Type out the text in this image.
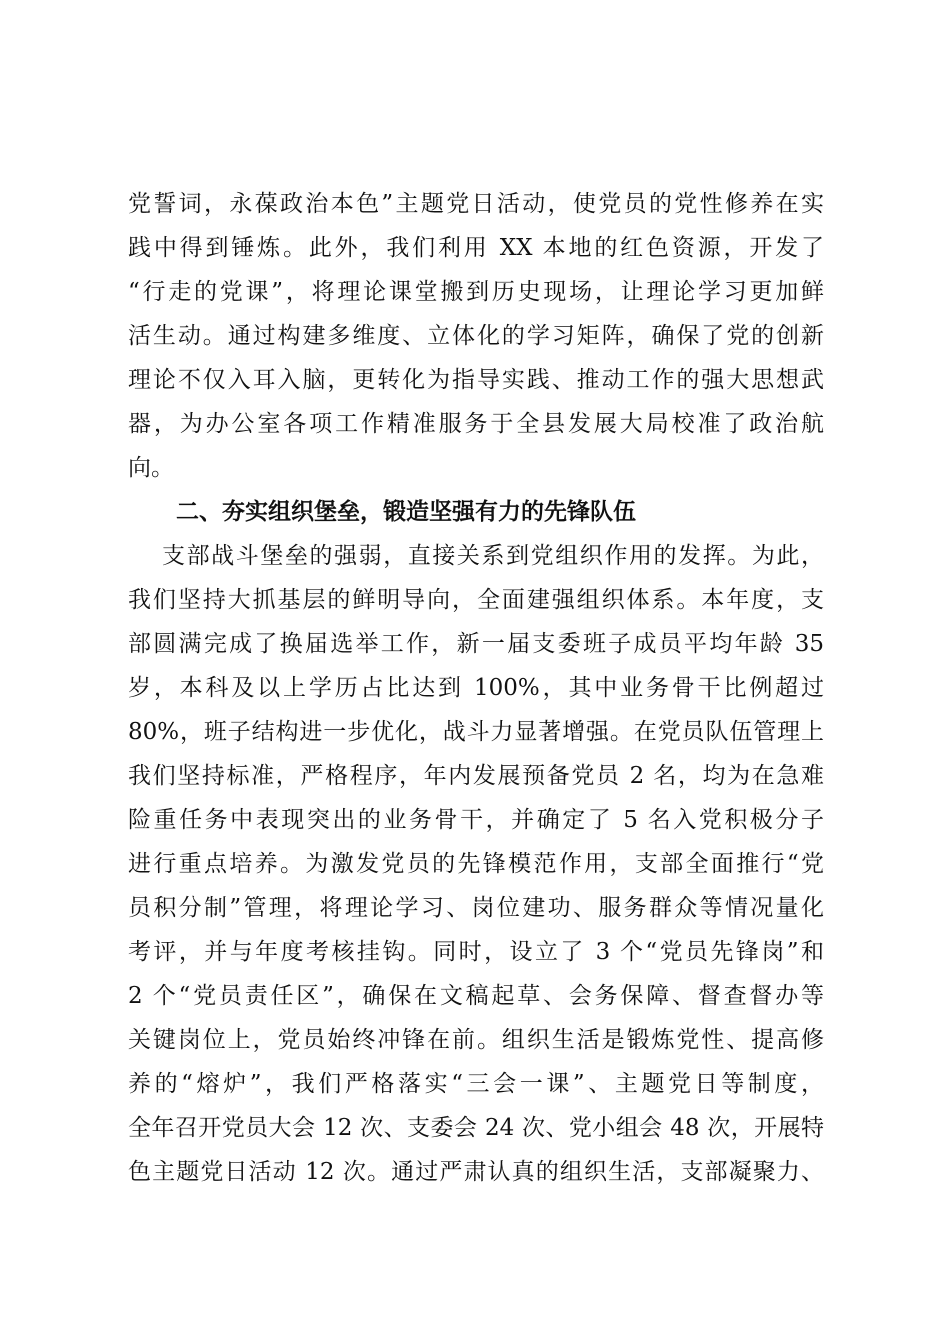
党誓词，永葆政治本色”主题党日活动，使党员的党性修养在实
践中得到锤炼。此外，我们利用 XX 本地的红色资源，开发了
“行走的党课”，将理论课堂搬到历史现场，让理论学习更加鲜
活生动。通过构建多维度、立体化的学习矩阵，确保了党的创新
理论不仅入耳入脑，更转化为指导实践、推动工作的强大思想武
器，为办公室各项工作精准服务于全县发展大局校准了政治航
向。
二、夯实组织堡垒，锻造坚强有力的先锋队伍
支部战斗堡垒的强弱，直接关系到党组织作用的发挥。为此，
我们坚持大抓基层的鲜明导向，全面建强组织体系。本年度，支
部圆满完成了换届选举工作，新一届支委班子成员平均年龄 35
岁，本科及以上学历占比达到 100%，其中业务骨干比例超过
80%，班子结构进一步优化，战斗力显著增强。在党员队伍管理上
我们坚持标准，严格程序，年内发展预备党员 2 名，均为在急难
险重任务中表现突出的业务骨干，并确定了 5 名入党积极分子
进行重点培养。为激发党员的先锋模范作用，支部全面推行“党
员积分制”管理，将理论学习、岗位建功、服务群众等情况量化
考评，并与年度考核挂钩。同时，设立了 3 个“党员先锋岗”和
2 个“党员责任区”，确保在文稿起草、会务保障、督查督办等
关键岗位上，党员始终冲锋在前。组织生活是锻炼党性、提高修
养的“熔炉”，我们严格落实“三会一课”、主题党日等制度，
全年召开党员大会 12 次、支委会 24 次、党小组会 48 次，开展特
色主题党日活动 12 次。通过严肃认真的组织生活，支部凝聚力、
